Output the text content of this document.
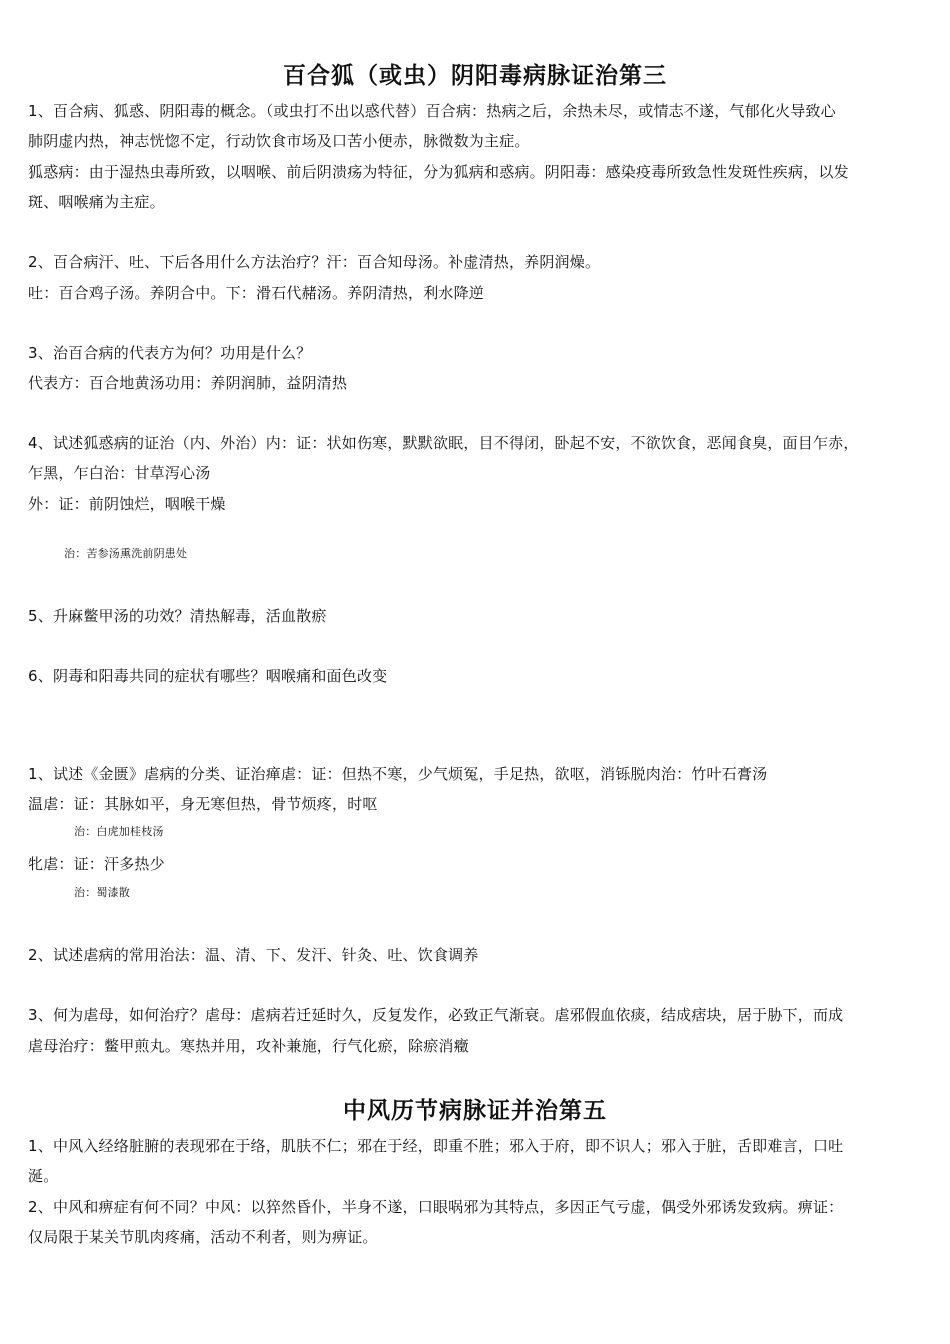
百合狐（或虫）阴阳毒病脉证治第三
1、百合病、狐惑、阴阳毒的概念。（或虫打不出以惑代替）百合病：热病之后，余热未尽，或情志不遂，气郁化火导致心
肺阴虚内热，神志恍惚不定，行动饮食市场及口苦小便赤，脉微数为主症。
狐惑病：由于湿热虫毒所致，以咽喉、前后阴溃疡为特征，分为狐病和惑病。阴阳毒：感染疫毒所致急性发斑性疾病，以发
斑、咽喉痛为主症。
2、百合病汗、吐、下后各用什么方法治疗？汗：百合知母汤。补虚清热，养阴润燥。
吐：百合鸡子汤。养阴合中。下：滑石代赭汤。养阴清热，利水降逆
3、治百合病的代表方为何？功用是什么？
代表方：百合地黄汤功用：养阴润肺，益阴清热
4、试述狐惑病的证治（内、外治）内：证：状如伤寒，默默欲眠，目不得闭，卧起不安，不欲饮食，恶闻食臭，面目乍赤，
乍黑，乍白治：甘草泻心汤
外：证：前阴蚀烂，咽喉干燥
治：苦参汤熏洗前阴患处
5、升麻鳖甲汤的功效？清热解毒，活血散瘀
6、阴毒和阳毒共同的症状有哪些？咽喉痛和面色改变
1、试述《金匮》虐病的分类、证治瘅虐：证：但热不寒，少气烦冤，手足热，欲呕，消铄脱肉治：竹叶石膏汤
温虐：证：其脉如平，身无寒但热，骨节烦疼，时呕
治：白虎加桂枝汤
牝虐：证：汗多热少
治：蜀漆散
2、试述虐病的常用治法：温、清、下、发汗、针灸、吐、饮食调养
3、何为虐母，如何治疗？虐母：虐病若迁延时久，反复发作，必致正气渐衰。虐邪假血依痰，结成痞块，居于胁下，而成
虐母治疗：鳖甲煎丸。寒热并用，攻补兼施，行气化瘀，除瘀消癥
中风历节病脉证并治第五
1、中风入经络脏腑的表现邪在于络，肌肤不仁；邪在于经，即重不胜；邪入于府，即不识人；邪入于脏，舌即难言，口吐
涎。
2、中风和痹症有何不同？中风：以猝然昏仆，半身不遂，口眼㖞邪为其特点，多因正气亏虚，偶受外邪诱发致病。痹证：
仅局限于某关节肌肉疼痛，活动不利者，则为痹证。
